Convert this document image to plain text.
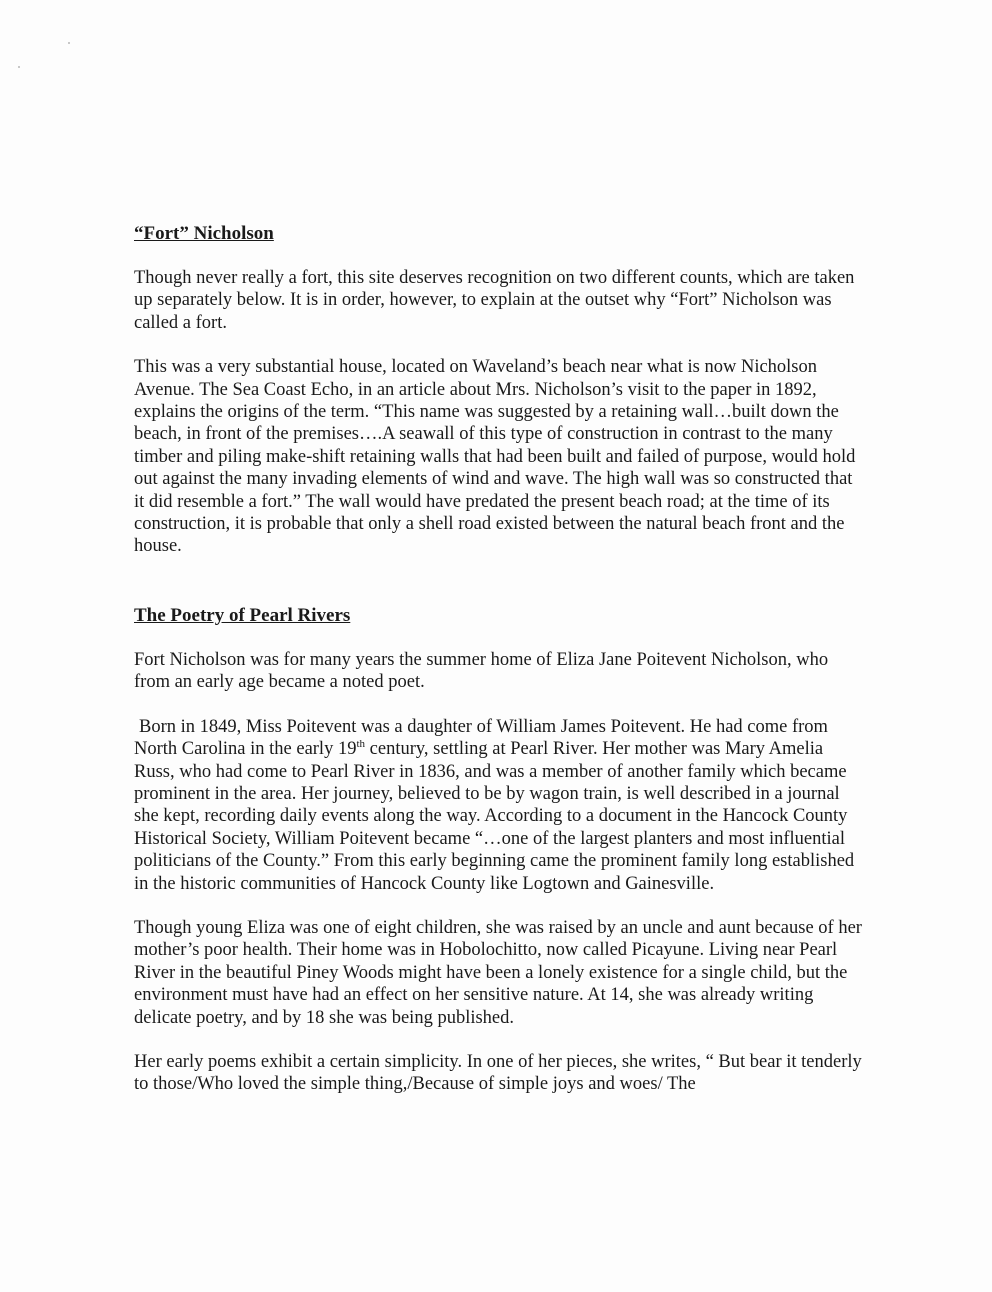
“Fort” Nicholson

Though never really a fort, this site deserves recognition on two different counts, which are taken up separately below. It is in order, however, to explain at the outset why “Fort” Nicholson was called a fort.

This was a very substantial house, located on Waveland’s beach near what is now Nicholson Avenue. The Sea Coast Echo, in an article about Mrs. Nicholson’s visit to the paper in 1892, explains the origins of the term. “This name was suggested by a retaining wall…built down the beach, in front of the premises….A seawall of this type of construction in contrast to the many timber and piling make-shift retaining walls that had been built and failed of purpose, would hold out against the many invading elements of wind and wave. The high wall was so constructed that it did resemble a fort.” The wall would have predated the present beach road; at the time of its construction, it is probable that only a shell road existed between the natural beach front and the house.

The Poetry of Pearl Rivers

Fort Nicholson was for many years the summer home of Eliza Jane Poitevent Nicholson, who from an early age became a noted poet.

Born in 1849, Miss Poitevent was a daughter of William James Poitevent. He had come from North Carolina in the early 19th century, settling at Pearl River. Her mother was Mary Amelia Russ, who had come to Pearl River in 1836, and was a member of another family which became prominent in the area. Her journey, believed to be by wagon train, is well described in a journal she kept, recording daily events along the way. According to a document in the Hancock County Historical Society, William Poitevent became “…one of the largest planters and most influential politicians of the County.” From this early beginning came the prominent family long established in the historic communities of Hancock County like Logtown and Gainesville.

Though young Eliza was one of eight children, she was raised by an uncle and aunt because of her mother’s poor health. Their home was in Hobolochitto, now called Picayune. Living near Pearl River in the beautiful Piney Woods might have been a lonely existence for a single child, but the environment must have had an effect on her sensitive nature. At 14, she was already writing delicate poetry, and by 18 she was being published.

Her early poems exhibit a certain simplicity. In one of her pieces, she writes, “ But bear it tenderly to those/Who loved the simple thing,/Because of simple joys and woes/ The
